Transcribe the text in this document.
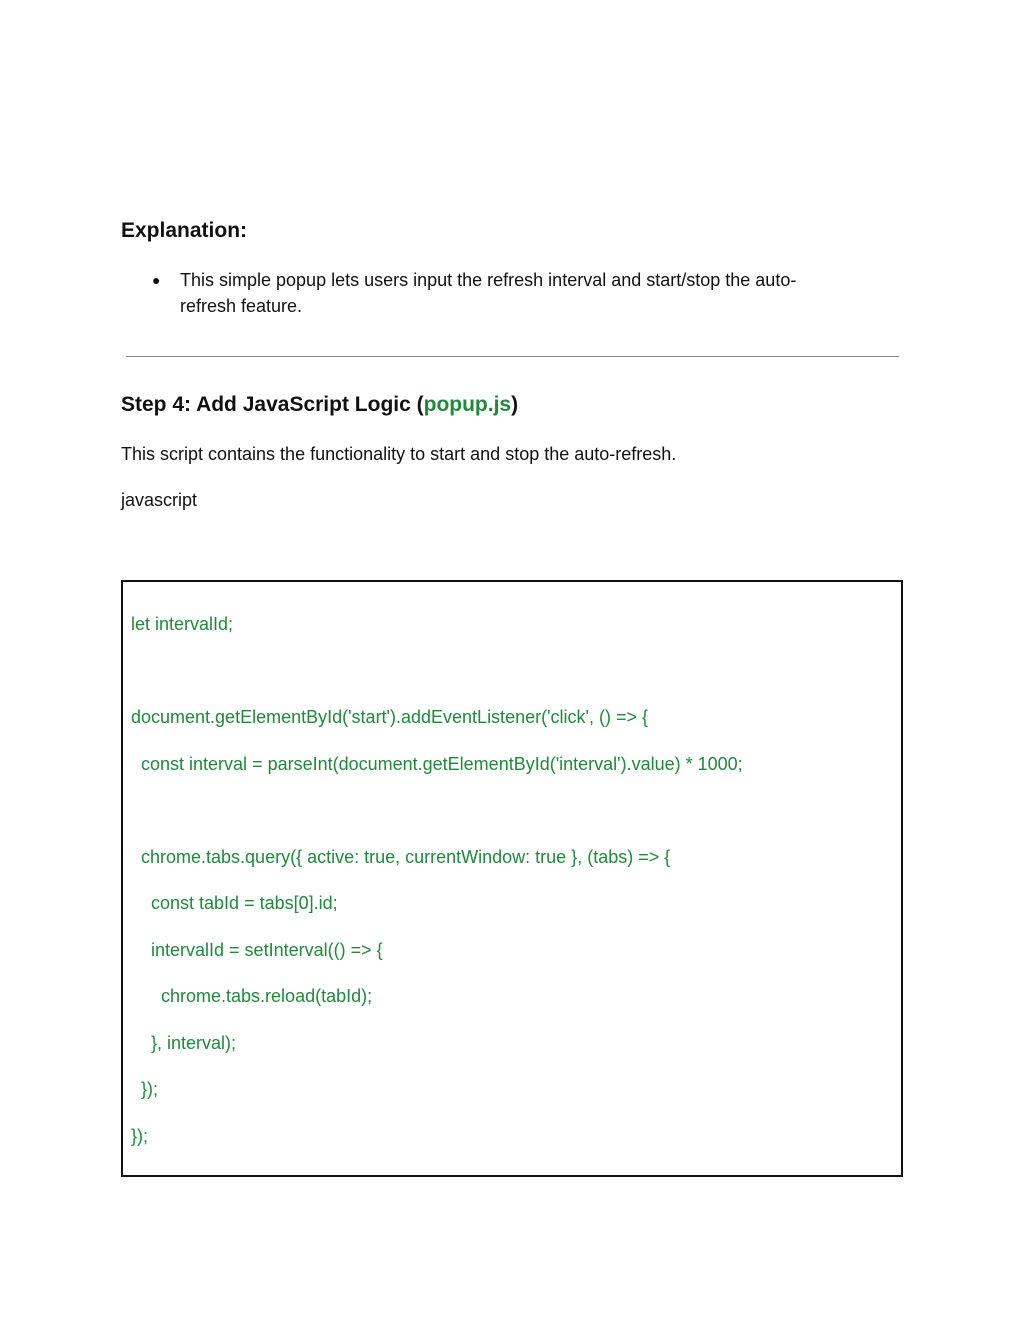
Explanation:
● This simple popup lets users input the refresh interval and start/stop the auto-refresh feature.
Step 4: Add JavaScript Logic (popup.js)

This script contains the functionality to start and stop the auto-refresh.

javascript

let intervalId;

document.getElementById('start').addEventListener('click', () => {

const interval = parseInt(document.getElementById('interval').value) * 1000;

chrome.tabs.query({ active: true, currentWindow: true }, (tabs) => {

const tabId = tabs[0].id;

intervalId = setInterval(() => {

chrome.tabs.reload(tabId);

}, interval);

});

});
